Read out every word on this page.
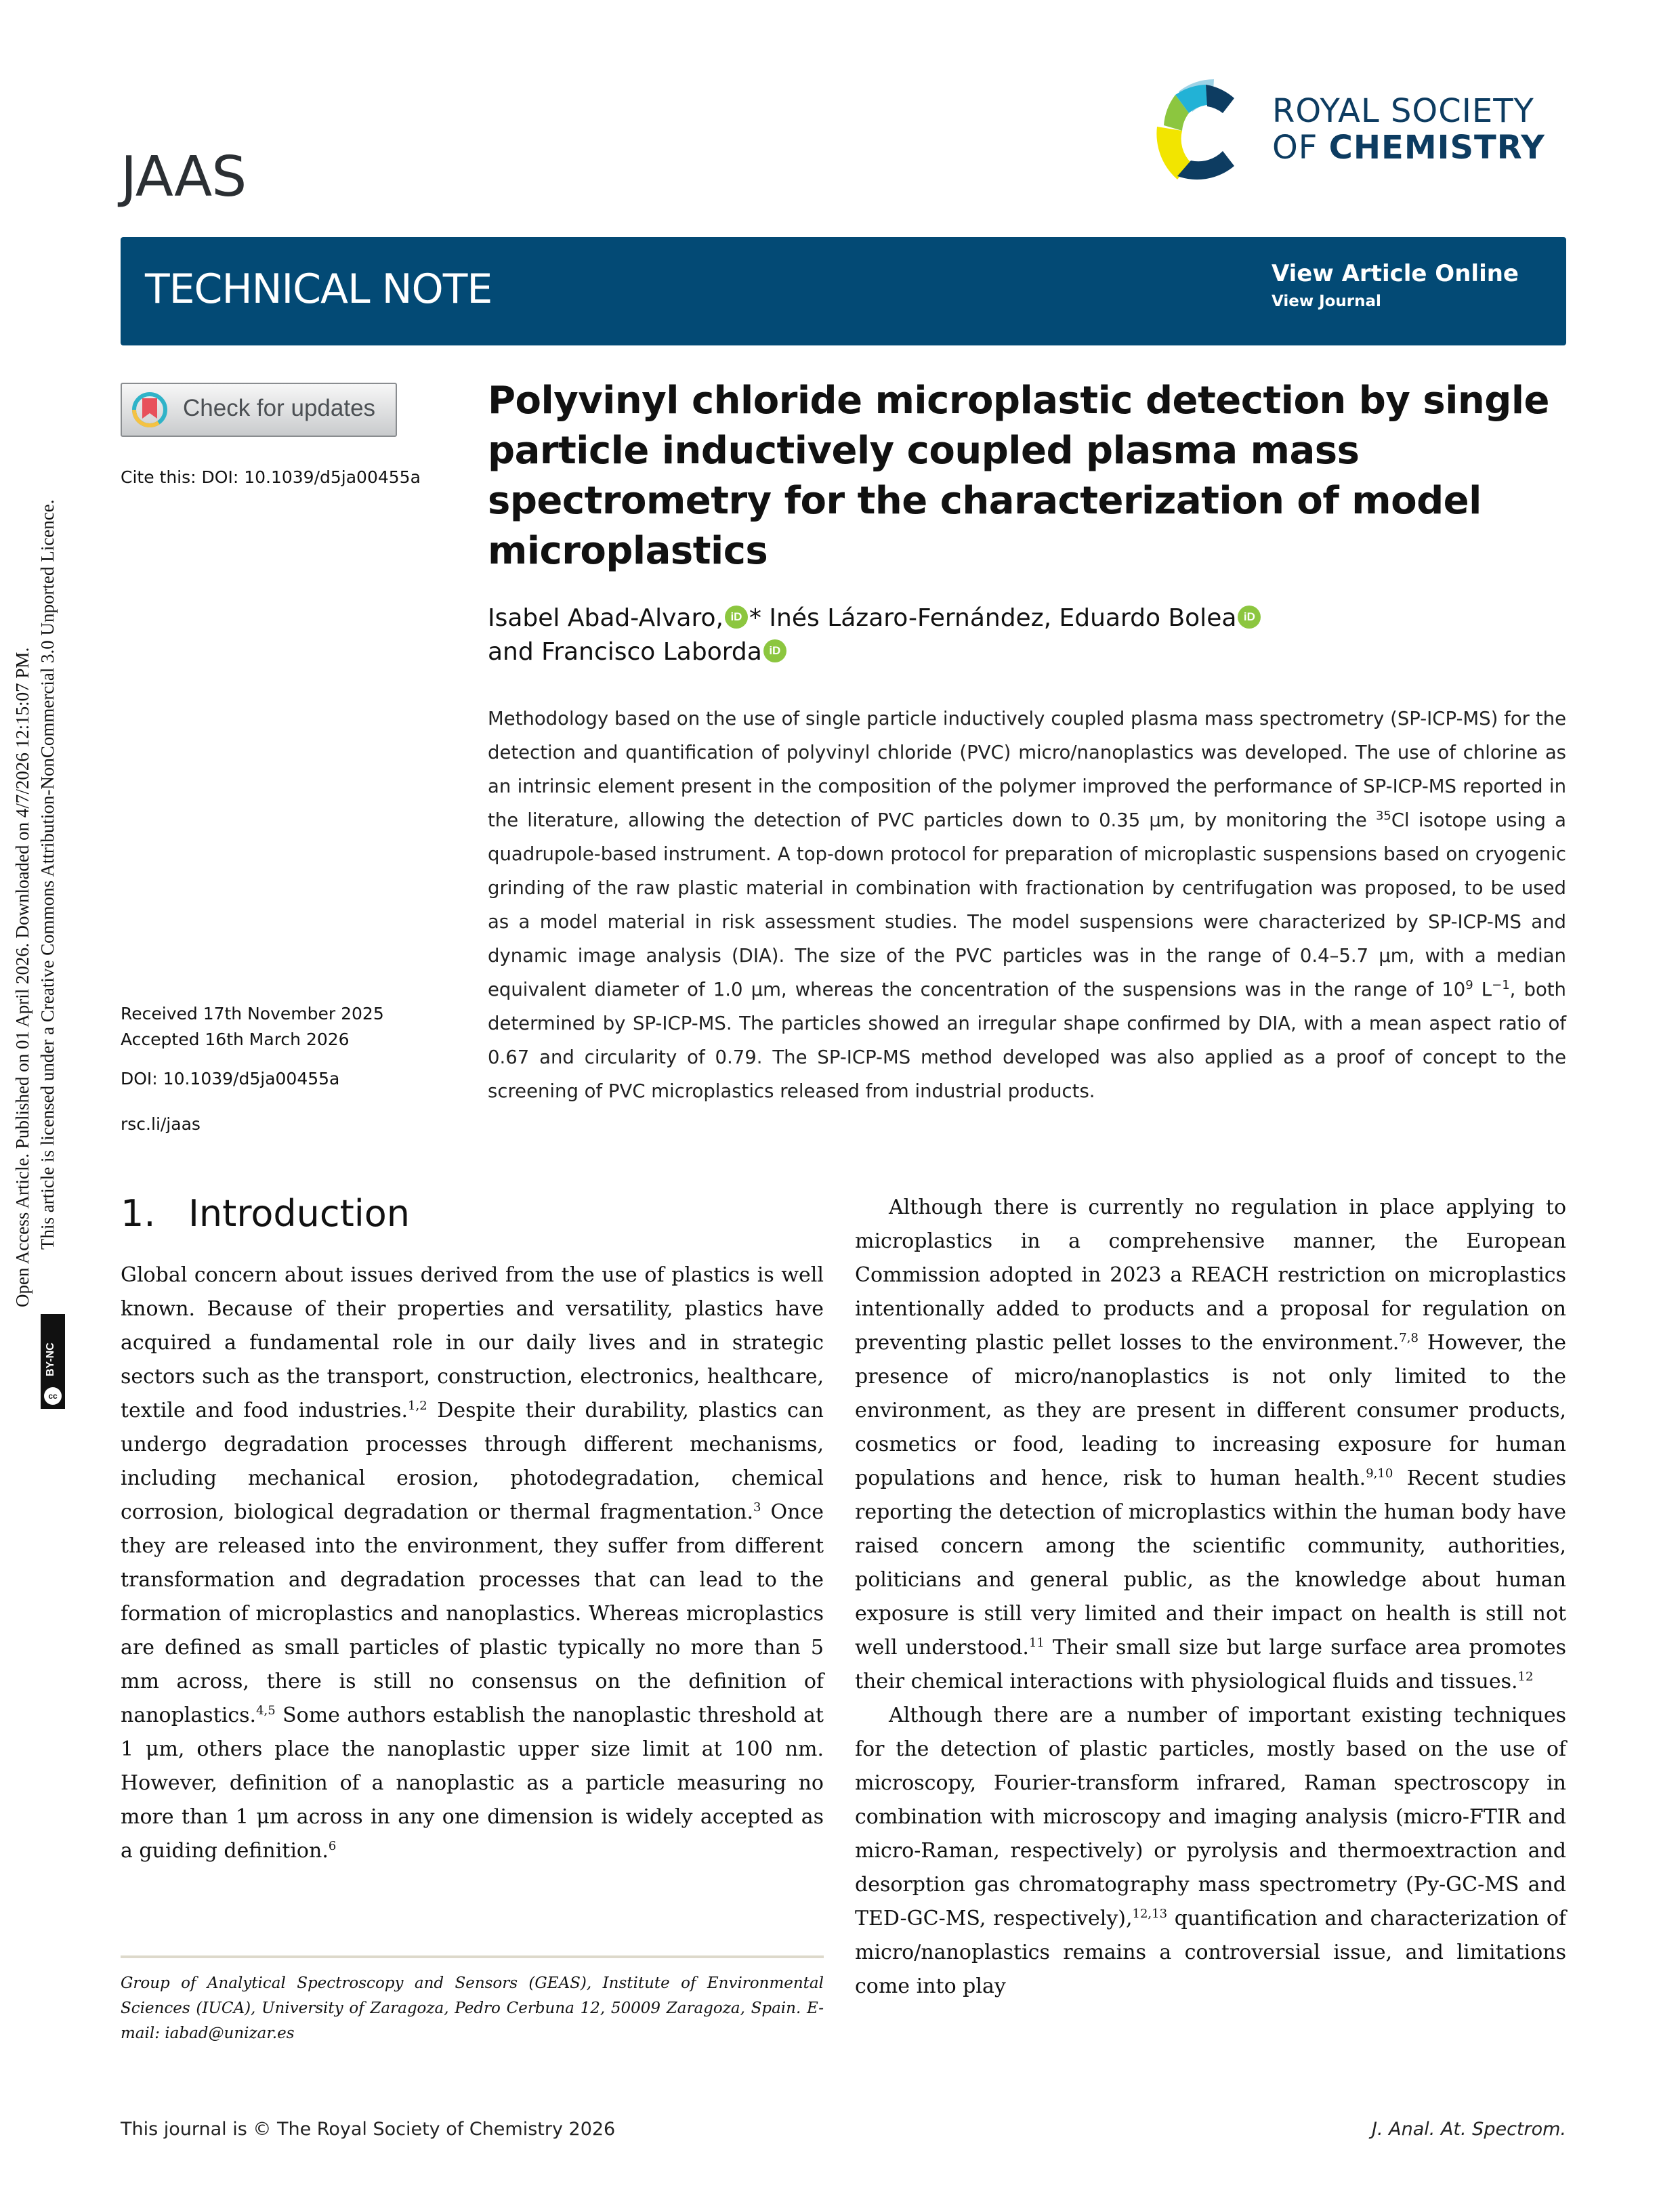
Open Access Article. Published on 01 April 2026. Downloaded on 4/7/2026 12:15:07 PM. This article is licensed under a Creative Commons Attribution-NonCommercial 3.0 Unported Licence.
BY-NC
cc
JAAS
ROYAL SOCIETY
OF CHEMISTRY
TECHNICAL NOTE	View Article Online
View Journal
Check for updates
Cite this: DOI: 10.1039/d5ja00455a
Received 17th November 2025
Accepted 16th March 2026
DOI: 10.1039/d5ja00455a
rsc.li/jaas
Polyvinyl chloride microplastic detection by single particle inductively coupled plasma mass spectrometry for the characterization of model microplastics
Isabel Abad-Alvaro, iD * Inés Lázaro-Fernández, Eduardo Bolea iD
and Francisco Laborda iD
Methodology based on the use of single particle inductively coupled plasma mass spectrometry (SP-ICP-MS) for the detection and quantification of polyvinyl chloride (PVC) micro/nanoplastics was developed. The use of chlorine as an intrinsic element present in the composition of the polymer improved the performance of SP-ICP-MS reported in the literature, allowing the detection of PVC particles down to 0.35 μm, by monitoring the $^{35}$Cl isotope using a quadrupole-based instrument. A top-down protocol for preparation of microplastic suspensions based on cryogenic grinding of the raw plastic material in combination with fractionation by centrifugation was proposed, to be used as a model material in risk assessment studies. The model suspensions were characterized by SP-ICP-MS and dynamic image analysis (DIA). The size of the PVC particles was in the range of 0.4–5.7 μm, with a median equivalent diameter of 1.0 μm, whereas the concentration of the suspensions was in the range of $10^9$ $L^{-1}$, both determined by SP-ICP-MS. The particles showed an irregular shape confirmed by DIA, with a mean aspect ratio of 0.67 and circularity of 0.79. The SP-ICP-MS method developed was also applied as a proof of concept to the screening of PVC microplastics released from industrial products.
1. Introduction

Global concern about issues derived from the use of plastics is well known. Because of their properties and versatility, plastics have acquired a fundamental role in our daily lives and in strategic sectors such as the transport, construction, electronics, healthcare, textile and food industries.$^{1,2}$ Despite their durability, plastics can undergo degradation processes through different mechanisms, including mechanical erosion, photodegradation, chemical corrosion, biological degradation or thermal fragmentation.$^3$ Once they are released into the environment, they suffer from different transformation and degradation processes that can lead to the formation of microplastics and nanoplastics. Whereas microplastics are defined as small particles of plastic typically no more than 5 mm across, there is still no consensus on the definition of nanoplastics.$^{4,5}$ Some authors establish the nanoplastic threshold at 1 μm, others place the nanoplastic upper size limit at 100 nm. However, definition of a nanoplastic as a particle measuring no more than 1 μm across in any one dimension is widely accepted as a guiding definition.$^6$

Although there is currently no regulation in place applying to microplastics in a comprehensive manner, the European Commission adopted in 2023 a REACH restriction on microplastics intentionally added to products and a proposal for regulation on preventing plastic pellet losses to the environment.$^{7,8}$ However, the presence of micro/nanoplastics is not only limited to the environment, as they are present in different consumer products, cosmetics or food, leading to increasing exposure for human populations and hence, risk to human health.$^{9,10}$ Recent studies reporting the detection of microplastics within the human body have raised concern among the scientific community, authorities, politicians and general public, as the knowledge about human exposure is still very limited and their impact on health is still not well understood.$^{11}$ Their small size but large surface area promotes their chemical interactions with physiological fluids and tissues.$^{12}$

Although there are a number of important existing techniques for the detection of plastic particles, mostly based on the use of microscopy, Fourier-transform infrared, Raman spectroscopy in combination with microscopy and imaging analysis (micro-FTIR and micro-Raman, respectively) or pyrolysis and thermoextraction and desorption gas chromatography mass spectrometry (Py-GC-MS and TED-GC-MS, respectively),$^{12,13}$ quantification and characterization of micro/nanoplastics remains a controversial issue, and limitations come into play

Group of Analytical Spectroscopy and Sensors (GEAS), Institute of Environmental Sciences (IUCA), University of Zaragoza, Pedro Cerbuna 12, 50009 Zaragoza, Spain. E-mail: iabad@unizar.es
This journal is © The Royal Society of Chemistry 2026	J. Anal. At. Spectrom.
